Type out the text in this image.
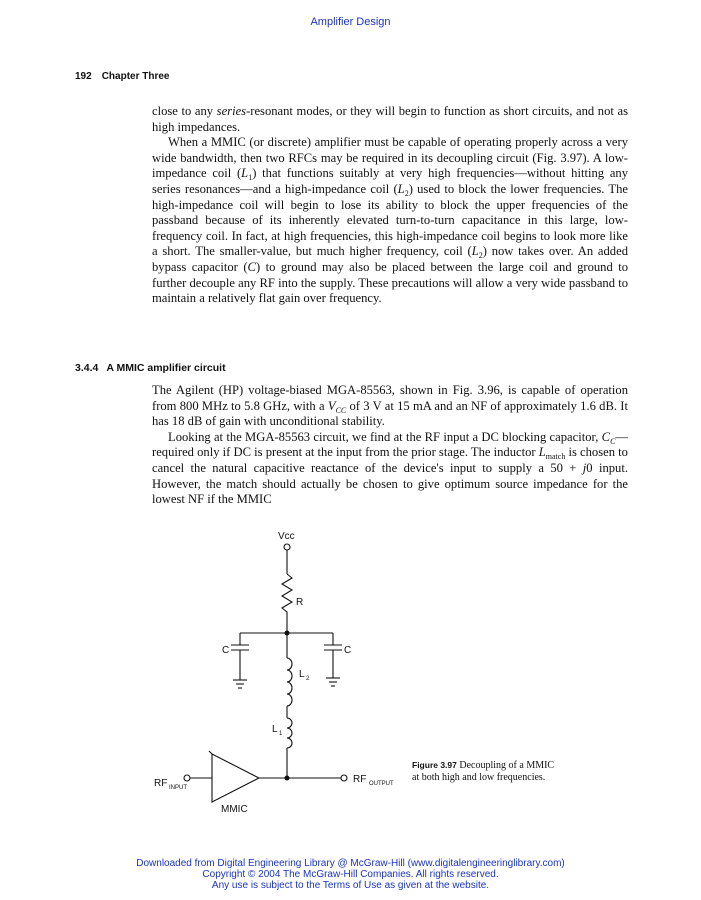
Amplifier Design
192 Chapter Three

close to any series-resonant modes, or they will begin to function as short circuits, and not as high impedances.

When a MMIC (or discrete) amplifier must be capable of operating properly across a very wide bandwidth, then two RFCs may be required in its decoupling circuit (Fig. 3.97). A low-impedance coil $(L_1)$ that functions suitably at very high frequencies—without hitting any series resonances—and a high-impedance coil $(L_2)$ used to block the lower frequencies. The high-impedance coil will begin to lose its ability to block the upper frequencies of the passband because of its inherently elevated turn-to-turn capacitance in this large, low-frequency coil. In fact, at high frequencies, this high-impedance coil begins to look more like a short. The smaller-value, but much higher frequency, coil $(L_2)$ now takes over. An added bypass capacitor (C) to ground may also be placed between the large coil and ground to further decouple any RF into the supply. These precautions will allow a very wide passband to maintain a relatively flat gain over frequency.

3.4.4 A MMIC amplifier circuit

The Agilent (HP) voltage-biased MGA-85563, shown in Fig. 3.96, is capable of operation from 800 MHz to 5.8 GHz, with a $V_{CC}$ of 3 V at 15 mA and an NF of approximately 1.6 dB. It has 18 dB of gain with unconditional stability.

Looking at the MGA-85563 circuit, we find at the RF input a DC blocking capacitor, $C_C—required$ only if DC is present at the input from the prior stage. The inductor $L_{match}$ is chosen to cancel the natural capacitive reactance of the device's input to supply a 50 + j0 input. However, the match should actually be chosen to give optimum source impedance for the lowest NF if the MMIC

Vcc
R
C	C
L 2
L 1
RF INPUT
RF OUTPUT
MMIC
Figure 3.97 Decoupling of a MMIC at both high and low frequencies.
Downloaded from Digital Engineering Library @ McGraw-Hill (www.digitalengineeringlibrary.com)
Copyright © 2004 The McGraw-Hill Companies. All rights reserved.
Any use is subject to the Terms of Use as given at the website.
